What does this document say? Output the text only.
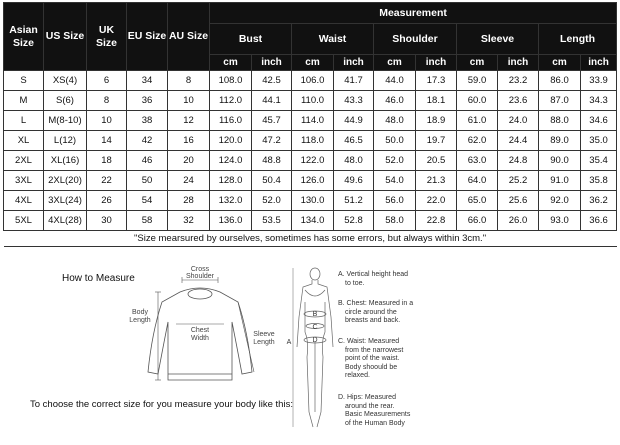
Asian Size	US Size	UK Size	EU Size	AU Size	Measurement									
					Bust		Waist		Shoulder		Sleeve		Length	
					cm	inch	cm	inch	cm	inch	cm	inch	cm	inch
S	XS(4)	6	34	8	108.0	42.5	106.0	41.7	44.0	17.3	59.0	23.2	86.0	33.9
M	S(6)	8	36	10	112.0	44.1	110.0	43.3	46.0	18.1	60.0	23.6	87.0	34.3
L	M(8-10)	10	38	12	116.0	45.7	114.0	44.9	48.0	18.9	61.0	24.0	88.0	34.6
XL	L(12)	14	42	16	120.0	47.2	118.0	46.5	50.0	19.7	62.0	24.4	89.0	35.0
2XL	XL(16)	18	46	20	124.0	48.8	122.0	48.0	52.0	20.5	63.0	24.8	90.0	35.4
3XL	2XL(20)	22	50	24	128.0	50.4	126.0	49.6	54.0	21.3	64.0	25.2	91.0	35.8
4XL	3XL(24)	26	54	28	132.0	52.0	130.0	51.2	56.0	22.0	65.0	25.6	92.0	36.2
5XL	4XL(28)	30	58	32	136.0	53.5	134.0	52.8	58.0	22.8	66.0	26.0	93.0	36.6
"Size mearsured by ourselves, sometimes has some errors, but always within 3cm."														
How to Measure
Cross
Shoulder
Body
Length
Chest
Width
Sleeve
Length A
B
C
D
A. Vertical height head
to toe.
B. Chest: Measured in a
circle around the
breasts and back.
C. Waist: Measured
from the narrowest
point of the waist.
Body shoould be
relaxed.
D. Hips: Measured
around the rear.
Basic Measurements
of the Human Body
To choose the correct size for you measure your body like this:
